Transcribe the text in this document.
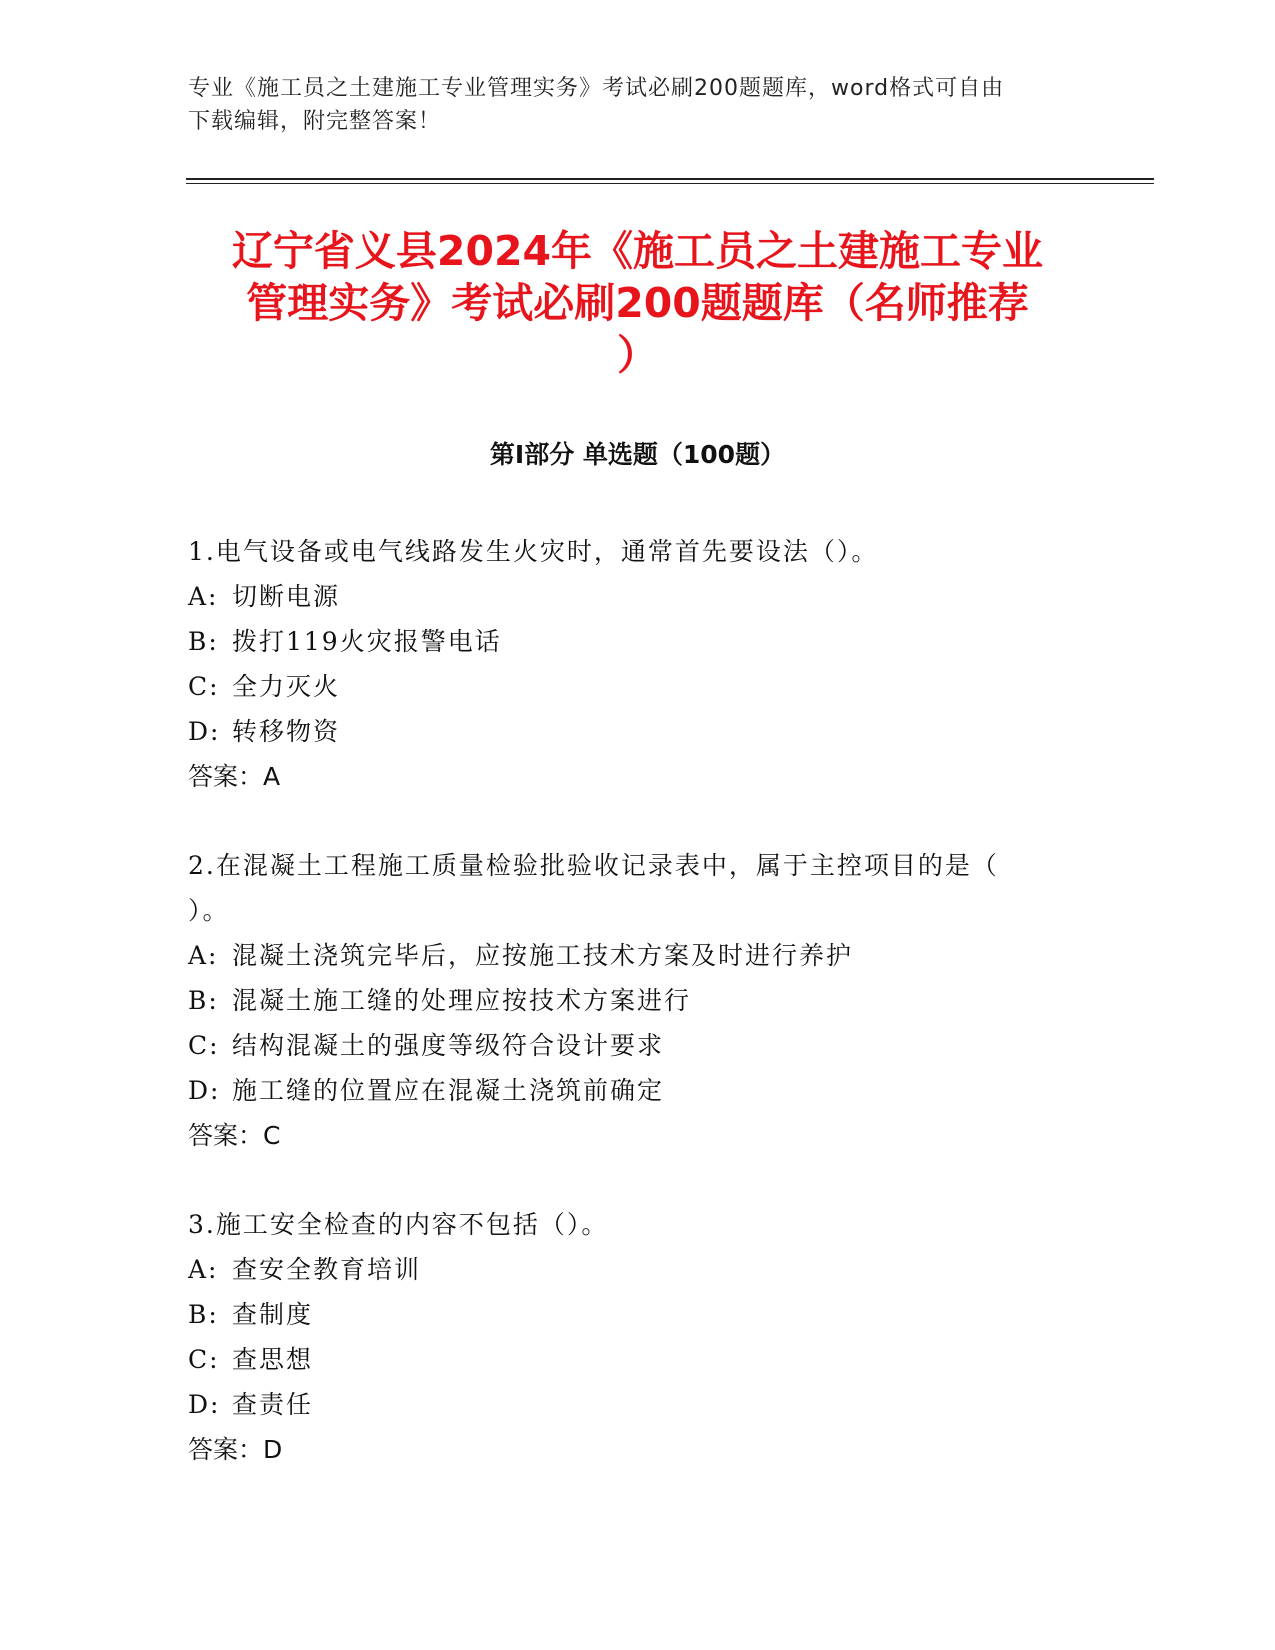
专业《施工员之土建施工专业管理实务》考试必刷200题题库，word格式可自由
下载编辑，附完整答案！
辽宁省义县2024年《施工员之土建施工专业
管理实务》考试必刷200题题库（名师推荐
）
第Ⅰ部分 单选题（100题）

1.电气设备或电气线路发生火灾时，通常首先要设法（）。

A: 切断电源

B: 拨打119火灾报警电话

C: 全力灭火

D: 转移物资

答案：A

2.在混凝土工程施工质量检验批验收记录表中，属于主控项目的是（

）。

A: 混凝土浇筑完毕后，应按施工技术方案及时进行养护

B: 混凝土施工缝的处理应按技术方案进行

C: 结构混凝土的强度等级符合设计要求

D: 施工缝的位置应在混凝土浇筑前确定

答案：C

3.施工安全检查的内容不包括（）。

A: 查安全教育培训

B: 查制度

C: 查思想

D: 查责任

答案：D
